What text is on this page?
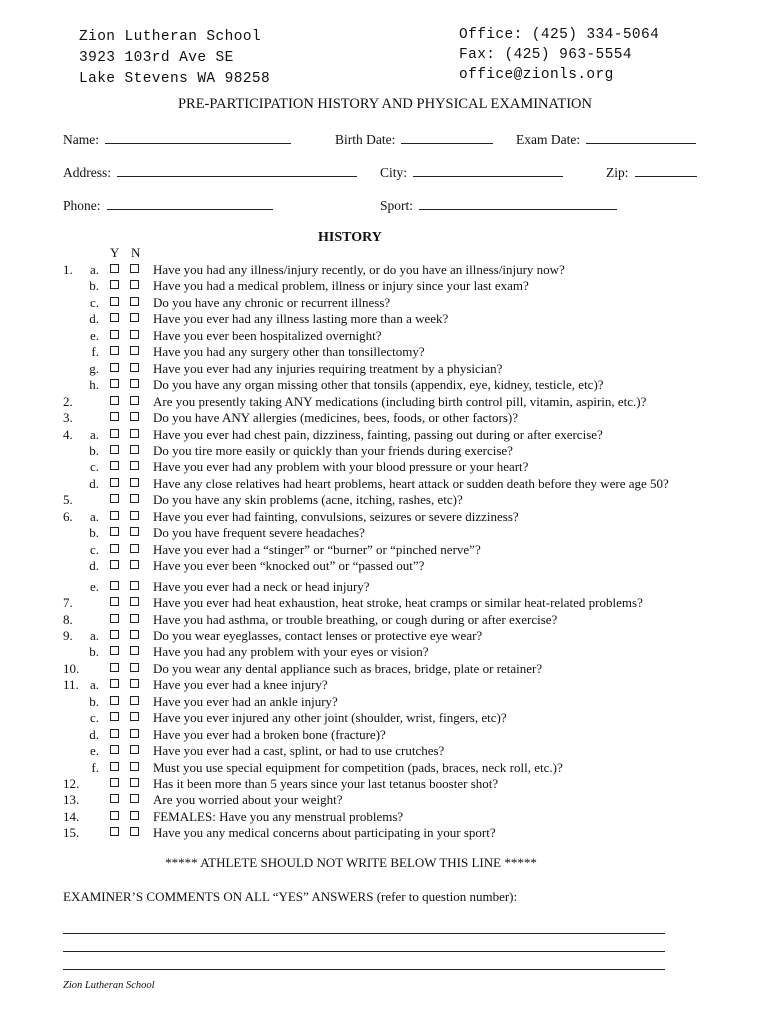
Zion Lutheran School
3923 103rd Ave SE
Lake Stevens WA 98258
Office: (425) 334-5064
Fax: (425) 963-5554
office@zionls.org
PRE-PARTICIPATION HISTORY AND PHYSICAL EXAMINATION
Name:	Birth Date:	Exam Date:
Address:	City:	Zip:
Phone:	Sport:
HISTORY
Y N
1.	a.	Have you had any illness/injury recently, or do you have an illness/injury now?
b.	Have you had a medical problem, illness or injury since your last exam?
c.	Do you have any chronic or recurrent illness?
d.	Have you ever had any illness lasting more than a week?
e.	Have you ever been hospitalized overnight?
f.	Have you had any surgery other than tonsillectomy?
g.	Have you ever had any injuries requiring treatment by a physician?
h.	Do you have any organ missing other that tonsils (appendix, eye, kidney, testicle, etc)?
2.	Are you presently taking ANY medications (including birth control pill, vitamin, aspirin, etc.)?
3.	Do you have ANY allergies (medicines, bees, foods, or other factors)?
4.	a.	Have you ever had chest pain, dizziness, fainting, passing out during or after exercise?
b.	Do you tire more easily or quickly than your friends during exercise?
c.	Have you ever had any problem with your blood pressure or your heart?
d.	Have any close relatives had heart problems, heart attack or sudden death before they were age 50?
5.	Do you have any skin problems (acne, itching, rashes, etc)?
6.	a.	Have you ever had fainting, convulsions, seizures or severe dizziness?
b.	Do you have frequent severe headaches?
c.	Have you ever had a “stinger” or “burner” or “pinched nerve”?
d.	Have you ever been “knocked out” or “passed out”?
e.	Have you ever had a neck or head injury?
7.	Have you ever had heat exhaustion, heat stroke, heat cramps or similar heat-related problems?
8.	Have you had asthma, or trouble breathing, or cough during or after exercise?
9.	a.	Do you wear eyeglasses, contact lenses or protective eye wear?
b.	Have you had any problem with your eyes or vision?
10.	Do you wear any dental appliance such as braces, bridge, plate or retainer?
11. a.	Have you ever had a knee injury?
b.	Have you ever had an ankle injury?
c.	Have you ever injured any other joint (shoulder, wrist, fingers, etc)?
d.	Have you ever had a broken bone (fracture)?
e.	Have you ever had a cast, splint, or had to use crutches?
f.	Must you use special equipment for competition (pads, braces, neck roll, etc.)?
12.	Has it been more than 5 years since your last tetanus booster shot?
13.	Are you worried about your weight?
14.	FEMALES: Have you any menstrual problems?
15.	Have you any medical concerns about participating in your sport?
***** ATHLETE SHOULD NOT WRITE BELOW THIS LINE *****
EXAMINER’S COMMENTS ON ALL “YES” ANSWERS (refer to question number):
Zion Lutheran School
